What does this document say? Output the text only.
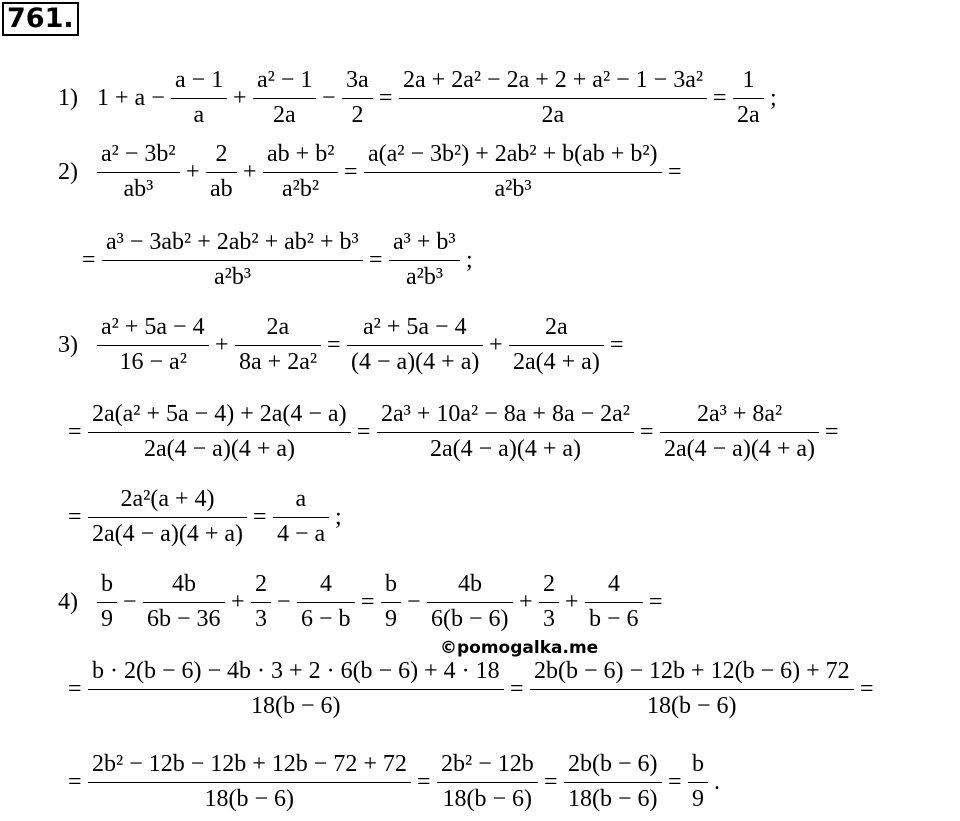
761.
1) 1 + a −
a − 1
a
+
a² − 1
2a
−
3a
2
=
2a + 2a² − 2a + 2 + a² − 1 − 3a²
2a
=
1
2a
;
2)
a² − 3b²
ab³
+
2
ab
+
ab + b²
a²b²
=
a(a² − 3b²) + 2ab² + b(ab + b²)
a²b³
=
=
a³ − 3ab² + 2ab² + ab² + b³
a²b³
=
a³ + b³
a²b³
;
3)
a² + 5a − 4
16 − a²
+
2a
8a + 2a²
=
a² + 5a − 4
(4 − a)(4 + a)
+
2a
2a(4 + a)
=
=
2a(a² + 5a − 4) + 2a(4 − a)
2a(4 − a)(4 + a)
=
2a³ + 10a² − 8a + 8a − 2a²
2a(4 − a)(4 + a)
=
2a³ + 8a²
2a(4 − a)(4 + a)
=
=
2a²(a + 4)
2a(4 − a)(4 + a)
=
a
4 − a
;
4)
b
9
−
4b
6b − 36
+
2
3
−
4
6 − b
=
b
9
−
4b
6(b − 6)
+
2
3
+
4
b − 6
=
=
b · 2(b − 6) − 4b · 3 + 2 · 6(b − 6) + 4 · 18
18(b − 6)
=
2b(b − 6) − 12b + 12(b − 6) + 72
18(b − 6)
=
=
2b² − 12b − 12b + 12b − 72 + 72
18(b − 6)
=
2b² − 12b
18(b − 6)
=
2b(b − 6)
18(b − 6)
=
b
9
.
©pomogalka.me
